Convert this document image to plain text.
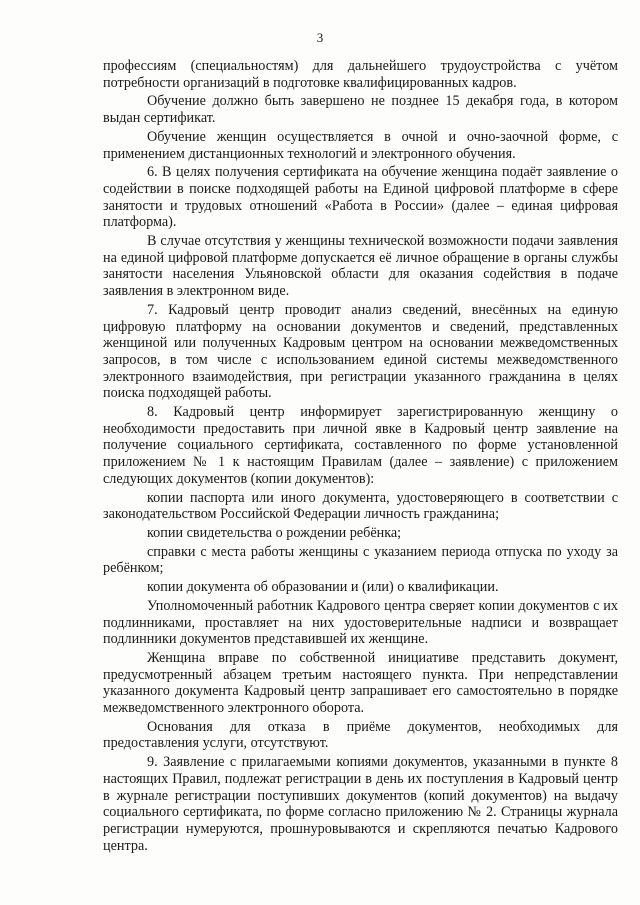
3

профессиям (специальностям) для дальнейшего трудоустройства с учётом потребности организаций в подготовке квалифицированных кадров.

Обучение должно быть завершено не позднее 15 декабря года, в котором выдан сертификат.

Обучение женщин осуществляется в очной и очно-заочной форме, с применением дистанционных технологий и электронного обучения.

6. В целях получения сертификата на обучение женщина подаёт заявление о содействии в поиске подходящей работы на Единой цифровой платформе в сфере занятости и трудовых отношений «Работа в России» (далее – единая цифровая платформа).

В случае отсутствия у женщины технической возможности подачи заявления на единой цифровой платформе допускается её личное обращение в органы службы занятости населения Ульяновской области для оказания содействия в подаче заявления в электронном виде.

7. Кадровый центр проводит анализ сведений, внесённых на единую цифровую платформу на основании документов и сведений, представленных женщиной или полученных Кадровым центром на основании межведомственных запросов, в том числе с использованием единой системы межведомственного электронного взаимодействия, при регистрации указанного гражданина в целях поиска подходящей работы.

8. Кадровый центр информирует зарегистрированную женщину о необходимости предоставить при личной явке в Кадровый центр заявление на получение социального сертификата, составленного по форме установленной приложением № 1 к настоящим Правилам (далее – заявление) с приложением следующих документов (копии документов):

копии паспорта или иного документа, удостоверяющего в соответствии с законодательством Российской Федерации личность гражданина;

копии свидетельства о рождении ребёнка;

справки с места работы женщины с указанием периода отпуска по уходу за ребёнком;

копии документа об образовании и (или) о квалификации.

Уполномоченный работник Кадрового центра сверяет копии документов с их подлинниками, проставляет на них удостоверительные надписи и возвращает подлинники документов представившей их женщине.

Женщина вправе по собственной инициативе представить документ, предусмотренный абзацем третьим настоящего пункта. При непредставлении указанного документа Кадровый центр запрашивает его самостоятельно в порядке межведомственного электронного оборота.

Основания для отказа в приёме документов, необходимых для предоставления услуги, отсутствуют.

9. Заявление с прилагаемыми копиями документов, указанными в пункте 8 настоящих Правил, подлежат регистрации в день их поступления в Кадровый центр в журнале регистрации поступивших документов (копий документов) на выдачу социального сертификата, по форме согласно приложению № 2. Страницы журнала регистрации нумеруются, прошнуровываются и скрепляются печатью Кадрового центра.
